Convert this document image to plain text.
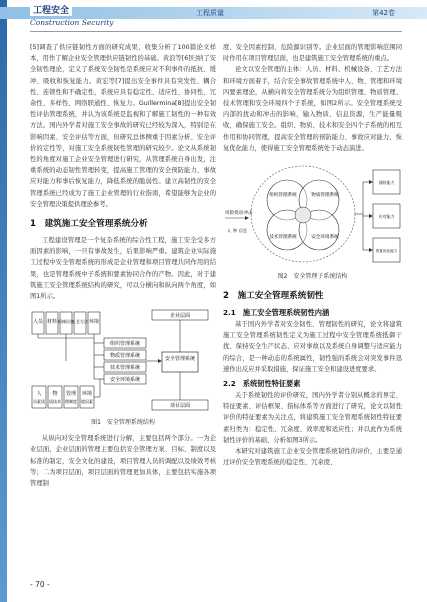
工程安全
Construction Security
工程质量	第42卷

[5]调查了供应链韧性方面的研究成果，收集分析了100篇论文样本，用作了解企业安全管理供应链韧性的基础。黄浪等[6]归纳了安全韧性理论，定义了系统安全韧性是系统应对不利事件的抵抗、缓冲、吸收和恢复能力。黄宏等[7]提出安全事件具有突发性、耦合性、连锁性和不确定性，系统应具有稳定性、适应性、协同性、冗余性、多样性、网络联通性、恢复力。Guillermina[8]提出安全韧性评估管理系统，并认为该系统是监视和了解施工韧性的一种有效方法。国内外学者对施工安全事故的研究已经较为深入，特别是在影响因素、安全评估等方面，但研究总体侧重于因素分析、安全评价的定性等，对施工安全系统韧性管理的研究较少。论文从系统韧性的角度对施工企业安全管理进行研究，从管理系统自身出发，注重系统的动态韧性管理转变，提高施工管理的安全预防能力、事故应对能力和事后恢复能力，降低系统的脆弱性。建立高韧性的安全管理系统已经成为了施工企业管理的行业指南，希望能够为企业的安全管理决策提供理论参考。

1　建筑施工安全管理系统分析

工程建设管理是一个复杂系统的综合性工程，施工安全受多方面因素的影响，一旦有事故发生，后果影响严重。建筑企业实际施工过程中安全管理系统的形成是企业管理和项目管理共同作用的结果，也是管理系统中子系统和要素协同合作的产物。因此，对于建筑施工安全管理系统结构的研究，可以分横向和纵向两个角度，如图1所示。

人员 材料 机械设备
工艺方法 环境
企业层面
组织管理系统
物质管理系统
技术管理系统
安全环境系统
安全管理系统
项目层面
人 物 管理 环境
员素质 质技术 理制度 境因素
图1　安全管理系统结构

从纵向对安全管理系统进行分解，主要包括两个部分。一为企业层面，企业层面的管理主要包括安全管理方案、目标、制度以及标准的制定，安全文化的建设，项目管理人员的调配以及绩效考核等；二为项目层面，项目层面的管理更加具体，主要包括实施各项管理制

度、安全因素控制、危险源识别等。企业层面的管理影响范围同时作用在项目管理层面，也是建筑施工安全管理系统的重点。

论文以安全管理的主体：人员、材料、机械设备、工艺方法和环境方面着手，结合安全事故管理系统中人、物、管理和环境四要素理论，从横向将安全管理系统分为组织管理、物质管理、技术管理和安全环境四个子系统，如图2所示。安全管理系统受内部的扰动和冲击的影响，输入物质、信息资源，生产能量吸收，确保施工安全。组织、物质、技术和安全四个子系统的相互作用和协同管理，提高安全管理的预防能力、事故应对能力、恢复优化能力，使得施工安全管理系统处于动态演进。

风险扰动冲击
人 物 信息
组织管理系统	物质管理系统
技术管理系统	安全环境系统
预防能力
应对能力
恢复优化能力
图2　安全管理子系统结构
2　施工安全管理系统韧性
2.1　施工安全管理系统韧性内涵

基于国内外学者对安全韧性、管理韧性的研究，论文将建筑施工安全管理系统韧性定义为施工过程中安全管理系统抵御干扰、保持安全生产状态、应对事故以及系统自身调整与适应能力的综合，是一种动态的系统属性，韧性强的系统会对突发事件迅速作出反应并采取措施，保证施工安全和建设进度要求。

2.2　系统韧性特征要素

关于系统韧性的评价研究，国内外学者分别从概念的界定、特征要素、评估框架、指标体系等方面进行了研究，论文以韧性评价的特征要素为关注点，将建筑施工安全管理系统韧性特征要素归类为：稳定性、冗余度、效率度和适应性；并以此作为系统韧性评价的基础，分析如图3所示。

本研究对建筑施工企业安全管理系统韧性的评价，主要是通过评价安全管理系统的稳定性、冗余度、

- 70 -
